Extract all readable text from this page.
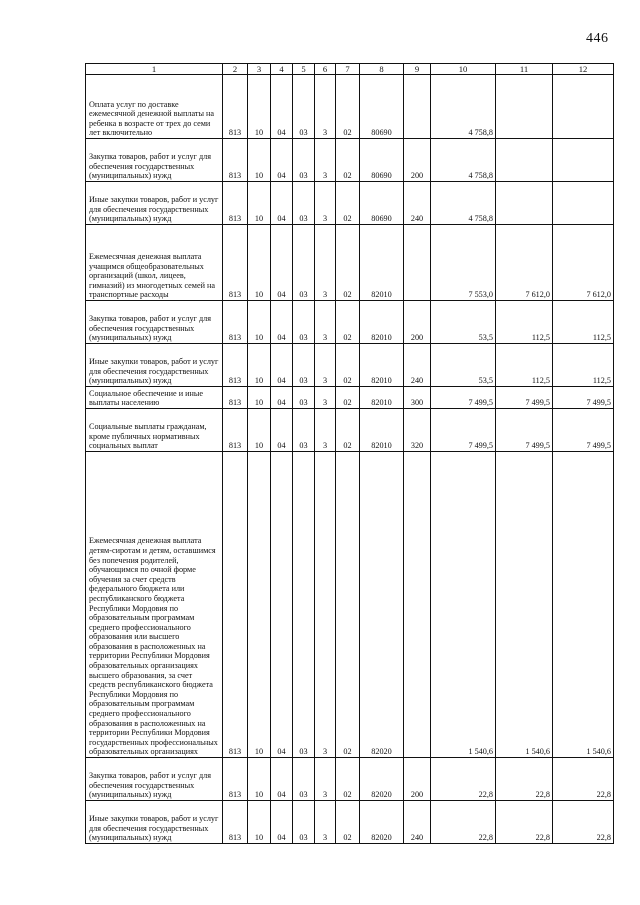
446
1	2	3	4	5	6	7	8	9	10	11	12
Оплата услуг по доставке ежемесячной денежной выплаты на ребенка в возрасте от трех до семи лет включительно	813	10	04	03	3	02	80690		4 758,8		
Закупка товаров, работ и услуг для обеспечения государственных (муниципальных) нужд	813	10	04	03	3	02	80690	200	4 758,8		
Иные закупки товаров, работ и услуг для обеспечения государственных (муниципальных) нужд	813	10	04	03	3	02	80690	240	4 758,8		
Ежемесячная денежная выплата учащимся общеобразовательных организаций (школ, лицеев, гимназий) из многодетных семей на транспортные расходы	813	10	04	03	3	02	82010		7 553,0	7 612,0	7 612,0
Закупка товаров, работ и услуг для обеспечения государственных (муниципальных) нужд	813	10	04	03	3	02	82010	200	53,5	112,5	112,5
Иные закупки товаров, работ и услуг для обеспечения государственных (муниципальных) нужд	813	10	04	03	3	02	82010	240	53,5	112,5	112,5
Социальное обеспечение и иные выплаты населению	813	10	04	03	3	02	82010	300	7 499,5	7 499,5	7 499,5
Социальные выплаты гражданам, кроме публичных нормативных социальных выплат	813	10	04	03	3	02	82010	320	7 499,5	7 499,5	7 499,5
Ежемесячная денежная выплата детям-сиротам и детям, оставшимся без попечения родителей, обучающимся по очной форме обучения за счет средств федерального бюджета или республиканского бюджета Республики Мордовия по образовательным программам среднего профессионального образования или высшего образования в расположенных на территории Республики Мордовия образовательных организациях высшего образования, за счет средств республиканского бюджета Республики Мордовия по образовательным программам среднего профессионального образования в расположенных на территории Республики Мордовия государственных профессиональных образовательных организациях	813	10	04	03	3	02	82020		1 540,6	1 540,6	1 540,6
Закупка товаров, работ и услуг для обеспечения государственных (муниципальных) нужд	813	10	04	03	3	02	82020	200	22,8	22,8	22,8
Иные закупки товаров, работ и услуг для обеспечения государственных (муниципальных) нужд	813	10	04	03	3	02	82020	240	22,8	22,8	22,8
